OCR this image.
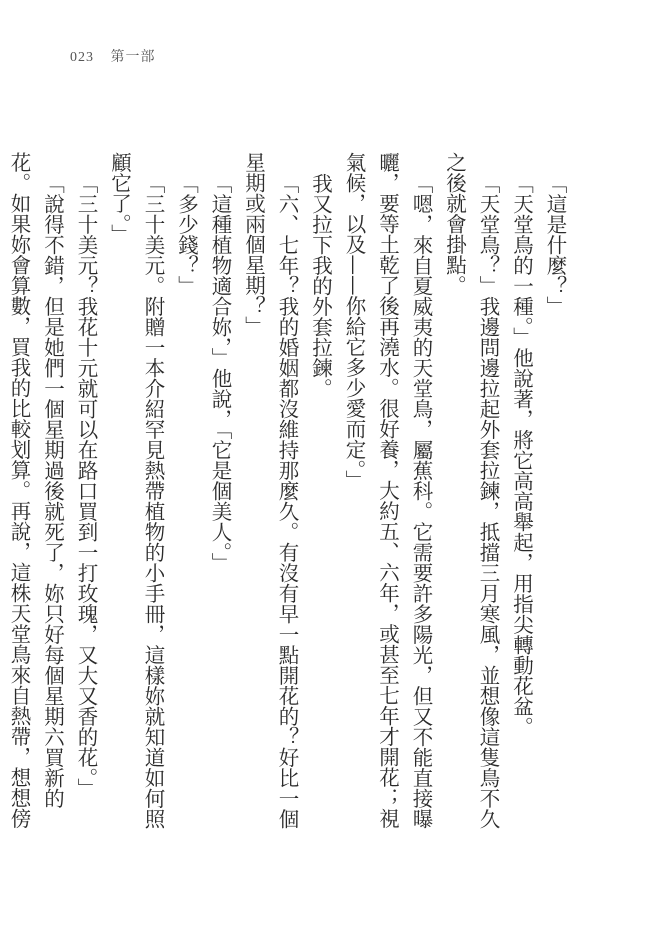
023 第一部

「這是什麼？」

「天堂鳥的一種。」他說著，將它高高舉起，用指尖轉動花盆。

「天堂鳥？」我邊問邊拉起外套拉鍊，抵擋三月寒風，並想像這隻鳥不久之後就會掛點。

「嗯，來自夏威夷的天堂鳥，屬蕉科。它需要許多陽光，但又不能直接曝曬，要等土乾了後再澆水。很好養，大約五、六年，或甚至七年才開花；視氣候，以及——你給它多少愛而定。」

我又拉下我的外套拉鍊。

「六、七年？我的婚姻都沒維持那麼久。有沒有早一點開花的？好比一個星期或兩個星期？」

「這種植物適合妳，」他說，「它是個美人。」

「多少錢？」

「三十美元。附贈一本介紹罕見熱帶植物的小手冊，這樣妳就知道如何照顧它了。」

「三十美元？我花十元就可以在路口買到一打玫瑰，又大又香的花。」

「說得不錯，但是她們一個星期過後就死了，妳只好每個星期六買新的花。如果妳會算數，買我的比較划算。再說，這株天堂鳥來自熱帶，想想傍
